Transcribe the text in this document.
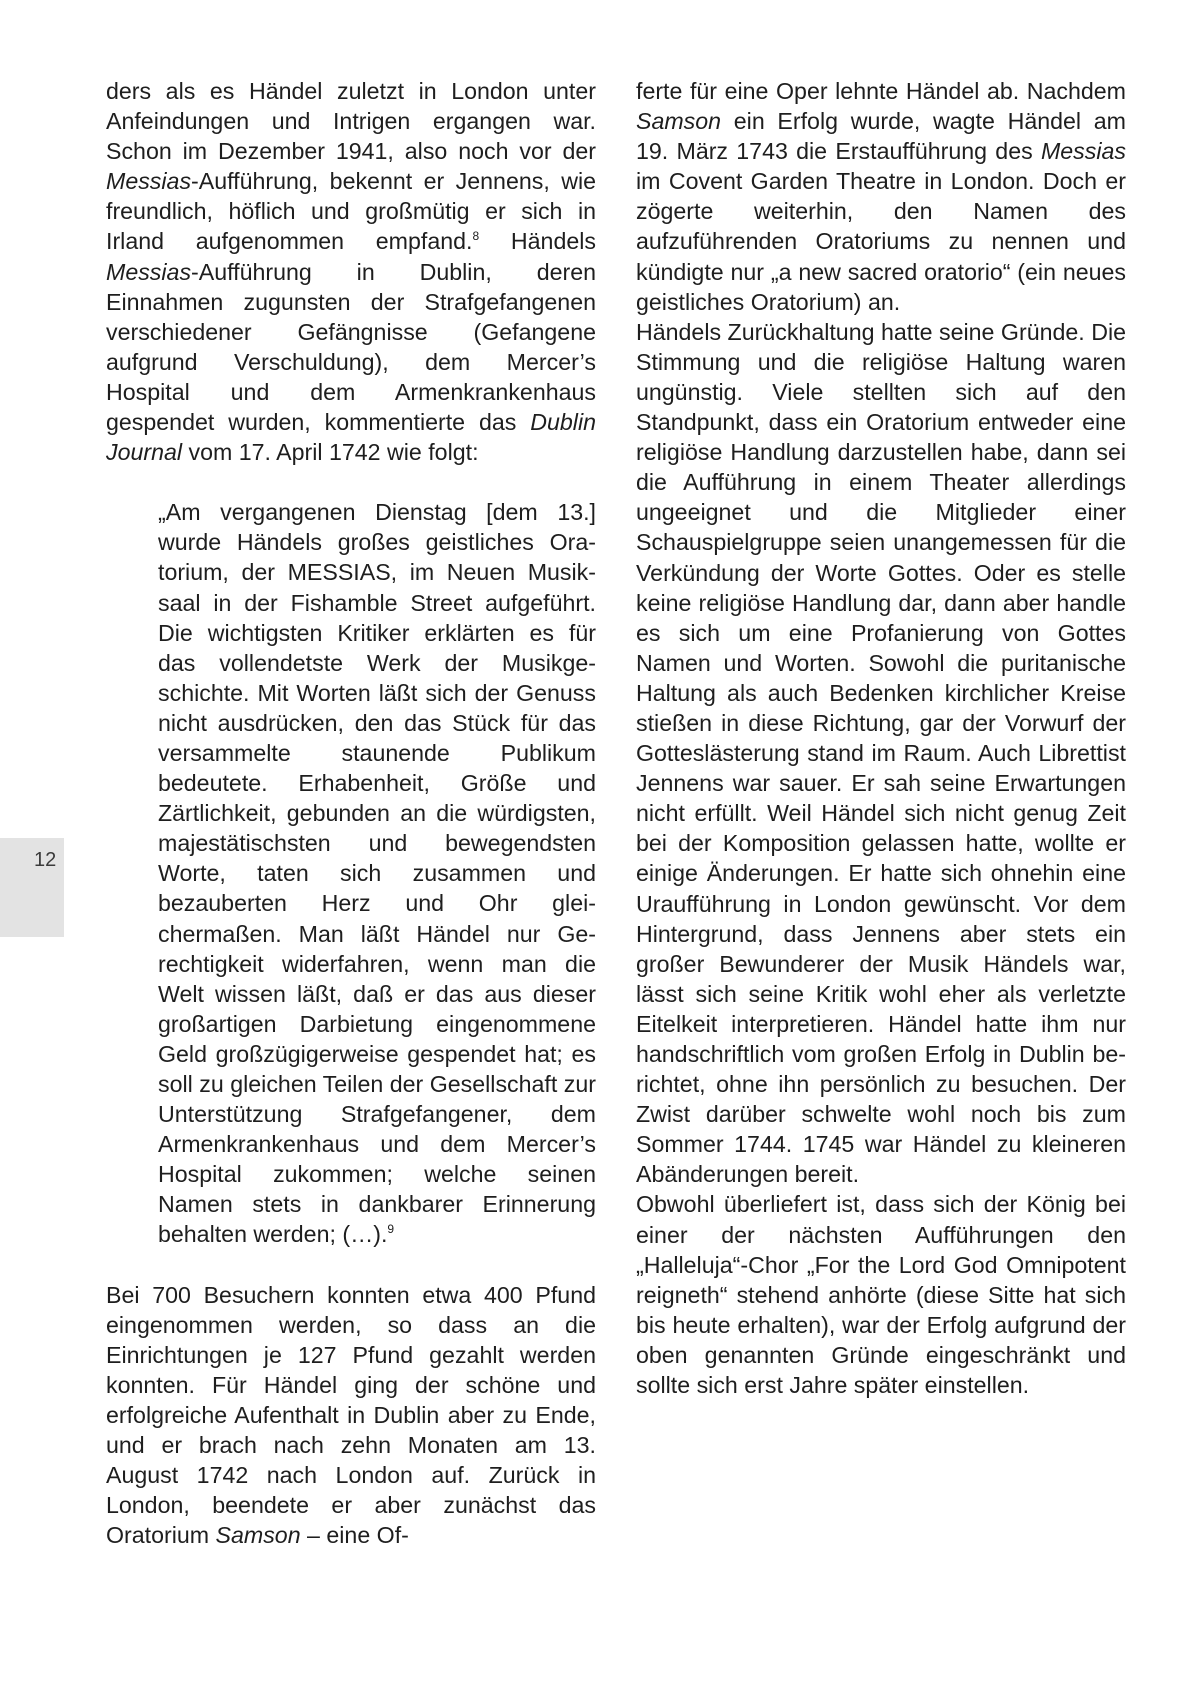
12

ders als es Händel zuletzt in London unter Anfeindungen und Intrigen ergangen war. Schon im Dezember 1941, also noch vor der Messias-Aufführung, bekennt er Jennens, wie freundlich, höflich und großmütig er sich in Irland aufgenommen empfand.$^8$ Händels Messias-Aufführung in Dublin, deren Einnahmen zugunsten der Strafgefangenen verschiedener Gefängnisse (Gefangene aufgrund Verschuldung), dem Mercer’s Hospital und dem Armenkrankenhaus gespendet wurden, kommentierte das Dublin Journal vom 17. April 1742 wie folgt:

„Am vergangenen Dienstag [dem 13.] wurde Händels großes geistliches Oratorium, der MESSIAS, im Neuen Musiksaal in der Fishamble Street aufgeführt. Die wichtigsten Kritiker erklärten es für das vollendetste Werk der Musikgeschichte. Mit Worten läßt sich der Genuss nicht ausdrücken, den das Stück für das versammelte staunende Publikum bedeutete. Erhabenheit, Größe und Zärtlichkeit, gebunden an die würdigsten, majestätischsten und bewegendsten Worte, taten sich zusammen und bezauberten Herz und Ohr gleichermaßen. Man läßt Händel nur Gerechtigkeit widerfahren, wenn man die Welt wissen läßt, daß er das aus dieser großartigen Darbietung eingenommene Geld großzügigerweise gespendet hat; es soll zu gleichen Teilen der Gesellschaft zur Unterstützung Strafgefangener, dem Armenkrankenhaus und dem Mercer’s Hospital zukommen; welche seinen Namen stets in dankbarer Erinnerung behalten werden; (…).$^9$

Bei 700 Besuchern konnten etwa 400 Pfund eingenommen werden, so dass an die Einrichtungen je 127 Pfund gezahlt werden konnten. Für Händel ging der schöne und erfolgreiche Aufenthalt in Dublin aber zu Ende, und er brach nach zehn Monaten am 13. August 1742 nach London auf. Zurück in London, beendete er aber zunächst das Oratorium Samson – eine Of-

ferte für eine Oper lehnte Händel ab. Nachdem Samson ein Erfolg wurde, wagte Händel am 19. März 1743 die Erstaufführung des Messias im Covent Garden Theatre in London. Doch er zögerte weiterhin, den Namen des aufzuführenden Oratoriums zu nennen und kündigte nur „a new sacred oratorio“ (ein neues geistliches Oratorium) an.

Händels Zurückhaltung hatte seine Gründe. Die Stimmung und die religiöse Haltung waren ungünstig. Viele stellten sich auf den Standpunkt, dass ein Oratorium entweder eine religiöse Handlung darzustellen habe, dann sei die Aufführung in einem Theater allerdings ungeeignet und die Mitglieder einer Schauspielgruppe seien unangemessen für die Verkündung der Worte Gottes. Oder es stelle keine religiöse Handlung dar, dann aber handle es sich um eine Profanierung von Gottes Namen und Worten. Sowohl die puritanische Haltung als auch Bedenken kirchlicher Kreise stießen in diese Richtung, gar der Vorwurf der Gotteslästerung stand im Raum. Auch Librettist Jennens war sauer. Er sah seine Erwartungen nicht erfüllt. Weil Händel sich nicht genug Zeit bei der Komposition gelassen hatte, wollte er einige Änderungen. Er hatte sich ohnehin eine Uraufführung in London gewünscht. Vor dem Hintergrund, dass Jennens aber stets ein großer Bewunderer der Musik Händels war, lässt sich seine Kritik wohl eher als verletzte Eitelkeit interpretieren. Händel hatte ihm nur handschriftlich vom großen Erfolg in Dublin berichtet, ohne ihn persönlich zu besuchen. Der Zwist darüber schwelte wohl noch bis zum Sommer 1744. 1745 war Händel zu kleineren Abänderungen bereit.

Obwohl überliefert ist, dass sich der König bei einer der nächsten Aufführungen den „Halleluja“-Chor „For the Lord God Omnipotent reigneth“ stehend anhörte (diese Sitte hat sich bis heute erhalten), war der Erfolg aufgrund der oben genannten Gründe eingeschränkt und sollte sich erst Jahre später einstellen.
